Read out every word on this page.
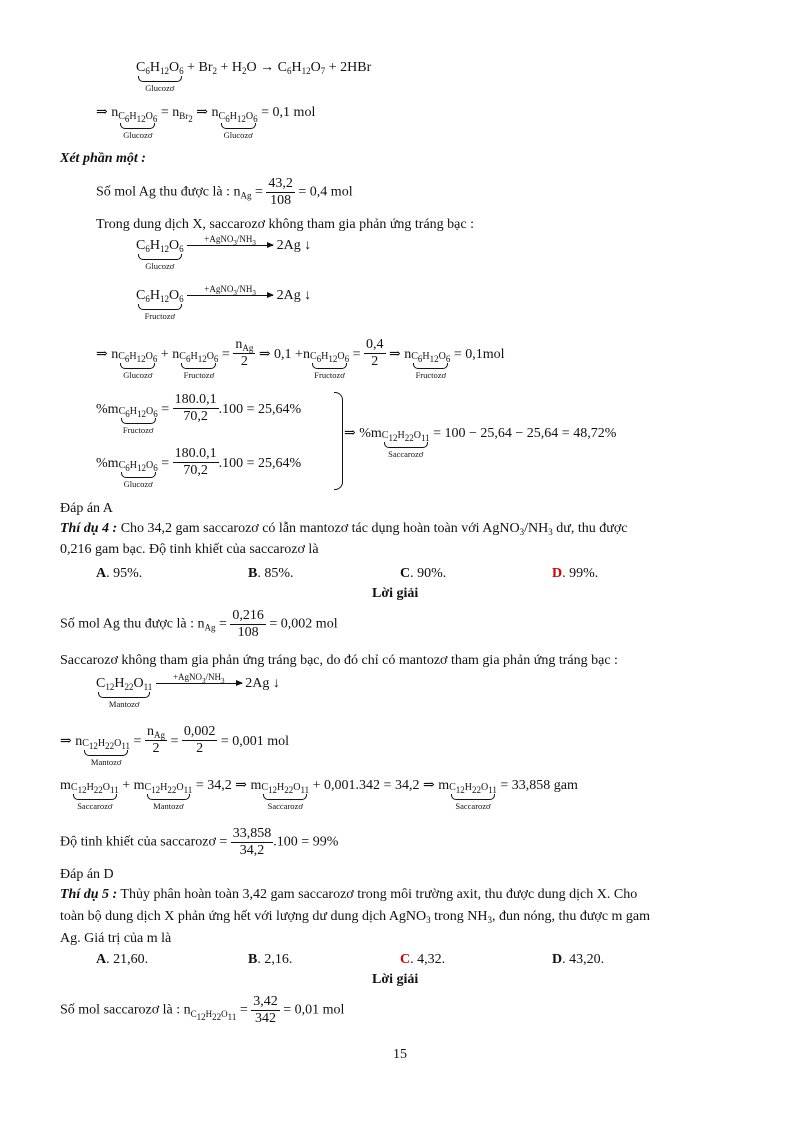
$C_6H_{12}O_6$
Glucozơ
+ $Br_2 + H_2O \to C_6H_{12}O_7 + 2HBr$
⇒ n $C_6H_{12}O_6$
Glucozơ
= $n_{Br_2}$ ⇒ n $C_6H_{12}O_6$
Glucozơ
= 0,1 mol
Xét phần một :
Số mol Ag thu được là : $n_{Ag} = \frac{43,2}{108} = 0,4$ mol
Trong dung dịch X, saccarozơ không tham gia phản ứng tráng bạc :
$C_6H_{12}O_6$
Glucozơ

$+AgNO_3/NH_3$	2Ag ↓
$C_6H_{12}O_6$
Fructozơ

$+AgNO_3/NH_3$	2Ag ↓
⇒ n $C_6H_{12}O_6$
Glucozơ
+ n $C_6H_{12}O_6$
Fructozơ
=
$n_{Ag}$
2 ⇒ 0,1 +n $C_6H_{12}O_6$
Fructozơ
= $\frac{0,4}{2}$ ⇒ n $C_6H_{12}O_6$
Fructozơ
= 0,1mol
%m $C_6H_{12}O_6$
Fructozơ
= $\frac{180.0,1}{70,2} .100 = 25,64\%$
⇒ %m $C_{12}H_{22}O_{11}$
Saccarozơ
= 100 − 25,64 − 25,64 = 48,72%
%m $C_6H_{12}O_6$
Glucozơ
= $\frac{180.0,1}{70,2} .100 = 25,64\%$
Đáp án A
Thí dụ 4 : Cho 34,2 gam saccarozơ có lẫn mantozơ tác dụng hoàn toàn với $AgNO_3/NH_3$ dư, thu được
0,216 gam bạc. Độ tinh khiết của saccarozơ là
A. 95%.	B. 85%.	C. 90%.	D. 99%.
Lời giải
Số mol Ag thu được là : $n_{Ag} = \frac{0,216}{108} = 0,002$ mol
Saccarozơ không tham gia phản ứng tráng bạc, do đó chỉ có mantozơ tham gia phản ứng tráng bạc :
$C_{12}H_{22}O_{11}$
Mantozơ

$+AgNO_3/NH_3$	2Ag ↓
⇒ n $C_{12}H_{22}O_{11}$
Mantozơ
=
$n_{Ag}$
$2 = \frac{0,002}{2} = 0,001$ mol
m $C_{12}H_{22}O_{11}$
Saccarozơ
+ m $C_{12}H_{22}O_{11}$
Mantozơ
= 34,2 ⇒ m $C_{12}H_{22}O_{11}$
Saccarozơ
+ 0,001.342 = 34,2 ⇒ m $C_{12}H_{22}O_{11}$
Saccarozơ
= 33,858 gam
Độ tinh khiết của saccarozơ = $\frac{33,858}{34,2} .100 = 99\%$
Đáp án D
Thí dụ 5 : Thủy phân hoàn toàn 3,42 gam saccarozơ trong môi trường axit, thu được dung dịch X. Cho
toàn bộ dung dịch X phản ứng hết với lượng dư dung dịch AgNO$_3$ trong $NH_3$, đun nóng, thu được m gam
Ag. Giá trị của m là
A. 21,60.	B. 2,16.	C. 4,32.	D. 43,20.
Lời giải
Số mol saccarozơ là : $n_{C_{12}H_{22}O_{11}} = \frac{3,42}{342} = 0,01$ mol
15
